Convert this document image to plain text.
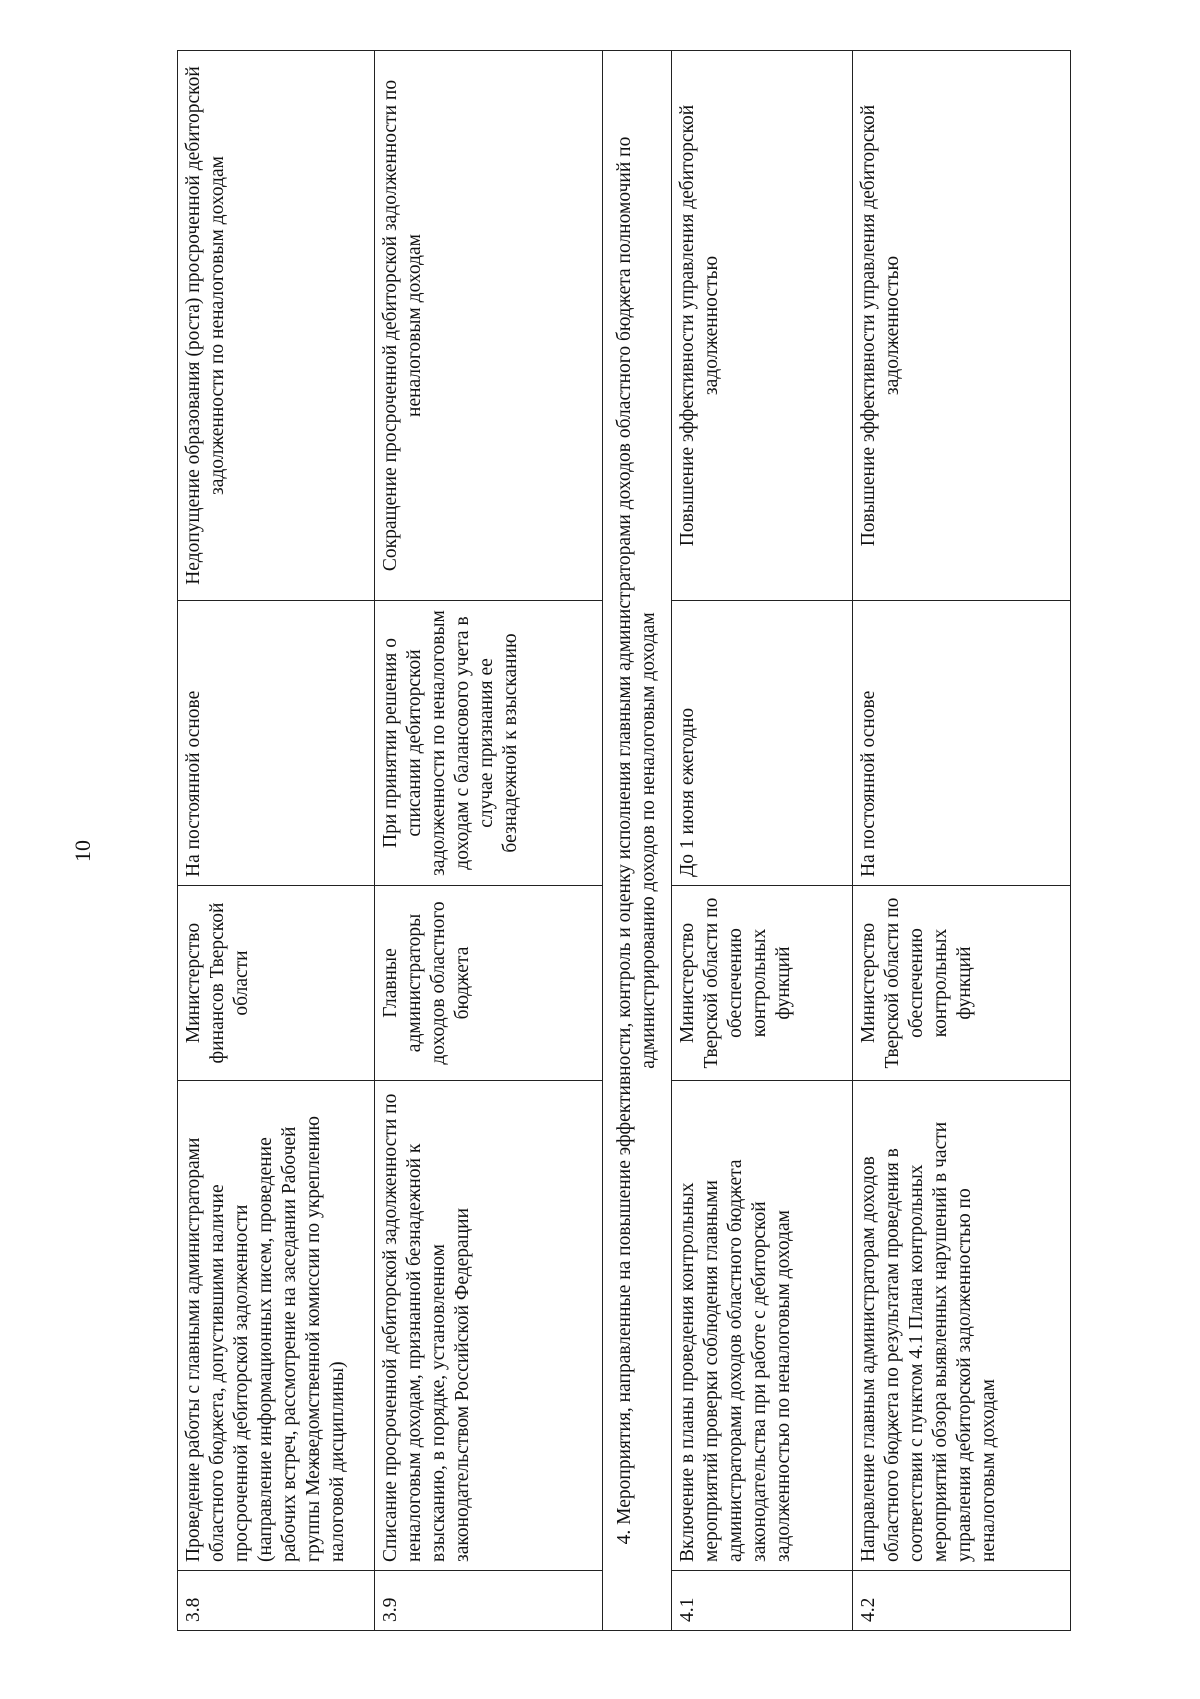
10
3.8	Проведение работы с главными администраторами областного бюджета, допустившими наличие просроченной дебиторской задолженности (направление информационных писем, проведение рабочих встреч, рассмотрение на заседании Рабочей группы Межведомственной комиссии по укреплению налоговой дисциплины)	Министерство финансов Тверской области	На постоянной основе	Недопущение образования (роста) просроченной дебиторской задолженности по неналоговым доходам
3.9	Списание просроченной дебиторской задолженности по неналоговым доходам, признанной безнадежной к взысканию, в порядке, установленном законодательством Российской Федерации	Главные администраторы доходов областного бюджета	При принятии решения о списании дебиторской задолженности по неналоговым доходам с балансового учета в случае признания ее безнадежной к взысканию	Сокращение просроченной дебиторской задолженности по неналоговым доходам
4. Мероприятия, направленные на повышение эффективности, контроль и оценку исполнения главными администраторами доходов областного бюджета полномочий по администрированию доходов по неналоговым доходам				
4.1	Включение в планы проведения контрольных мероприятий проверки соблюдения главными администраторами доходов областного бюджета законодательства при работе с дебиторской задолженностью по неналоговым доходам	Министерство Тверской области по обеспечению контрольных функций	До 1 июня ежегодно	Повышение эффективности управления дебиторской задолженностью
4.2	Направление главным администраторам доходов областного бюджета по результатам проведения в соответствии с пунктом 4.1 Плана контрольных мероприятий обзора выявленных нарушений в части управления дебиторской задолженностью по неналоговым доходам	Министерство Тверской области по обеспечению контрольных функций	На постоянной основе	Повышение эффективности управления дебиторской задолженностью
